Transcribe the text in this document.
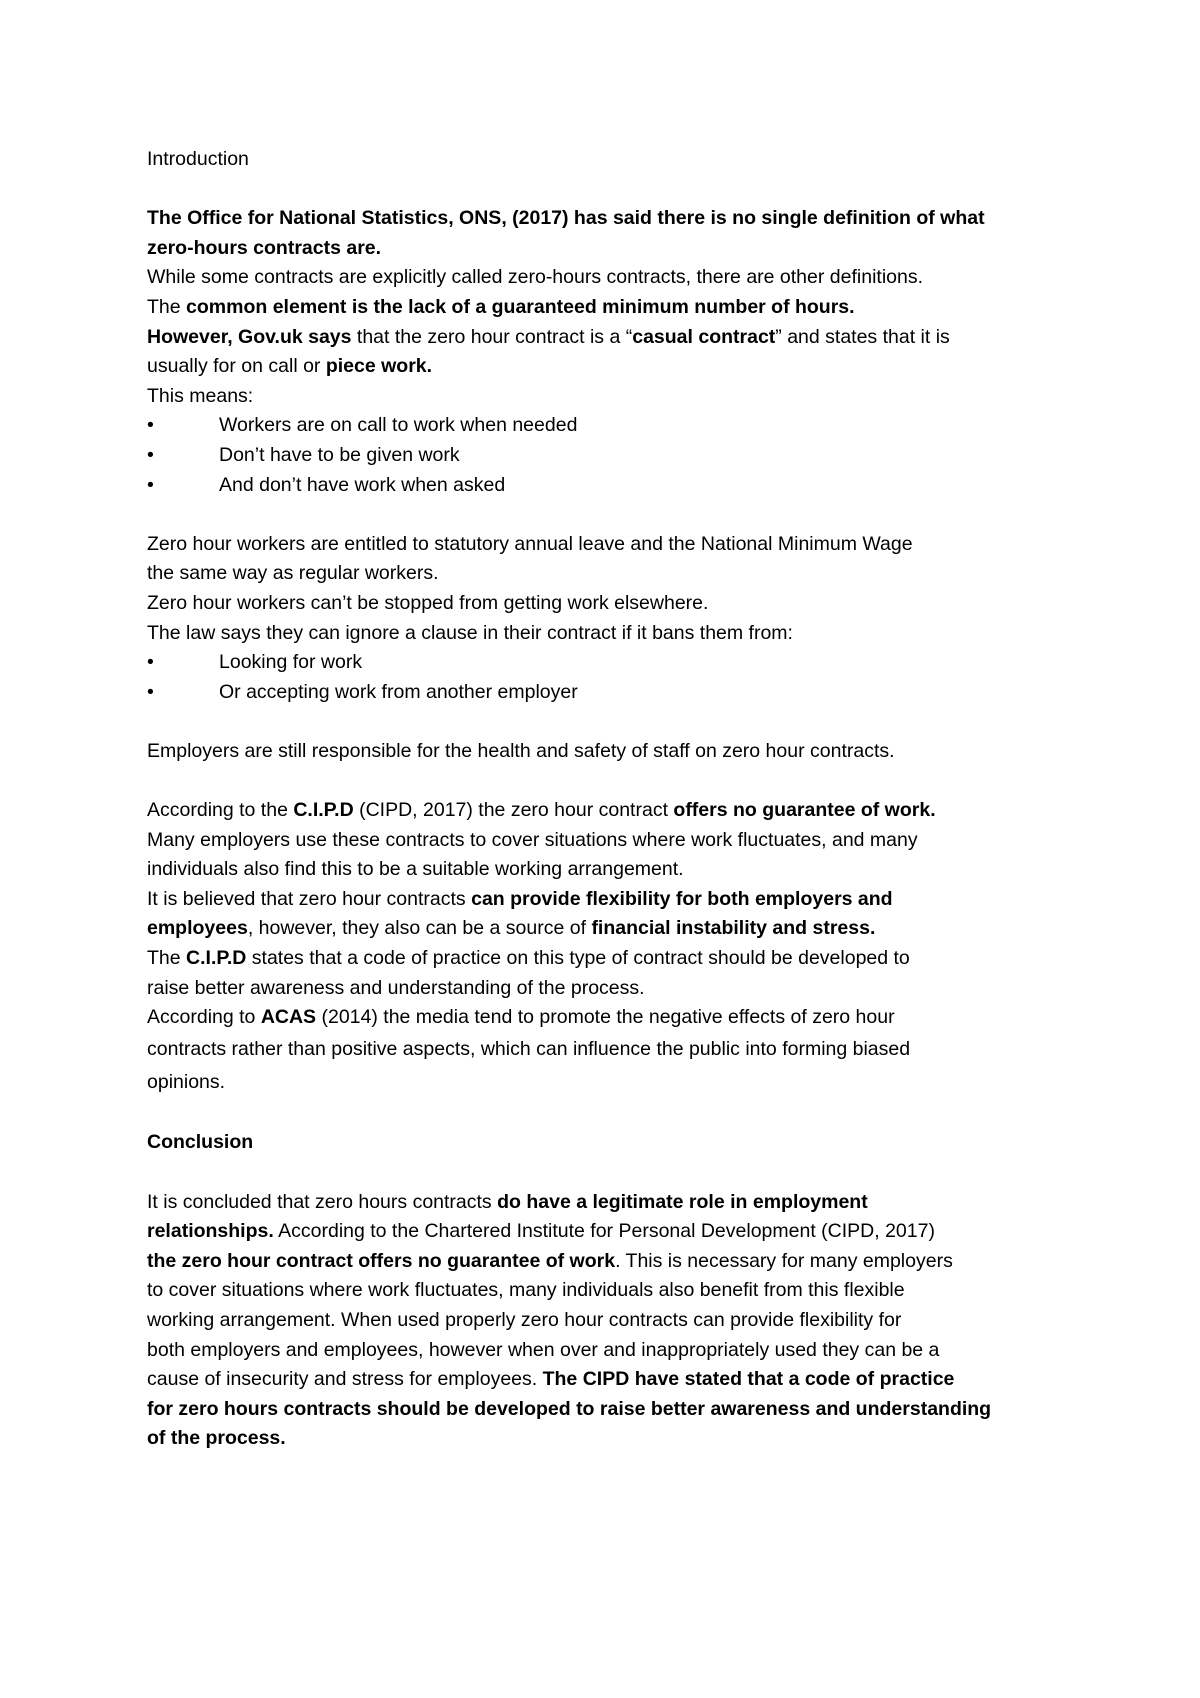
Introduction
The Office for National Statistics, ONS, (2017) has said there is no single definition of what
zero-hours contracts are.
While some contracts are explicitly called zero-hours contracts, there are other definitions.
The common element is the lack of a guaranteed minimum number of hours.
However, Gov.uk says that the zero hour contract is a “casual contract” and states that it is
usually for on call or piece work.
This means:
•	Workers are on call to work when needed
•	Don’t have to be given work
•	And don’t have work when asked
Zero hour workers are entitled to statutory annual leave and the National Minimum Wage
the same way as regular workers.
Zero hour workers can’t be stopped from getting work elsewhere.
The law says they can ignore a clause in their contract if it bans them from:
•	Looking for work
•	Or accepting work from another employer
Employers are still responsible for the health and safety of staff on zero hour contracts.
According to the C.I.P.D (CIPD, 2017) the zero hour contract offers no guarantee of work.
Many employers use these contracts to cover situations where work fluctuates, and many
individuals also find this to be a suitable working arrangement.
It is believed that zero hour contracts can provide flexibility for both employers and
employees, however, they also can be a source of financial instability and stress.
The C.I.P.D states that a code of practice on this type of contract should be developed to
raise better awareness and understanding of the process.
According to ACAS (2014) the media tend to promote the negative effects of zero hour
contracts rather than positive aspects, which can influence the public into forming biased
opinions.
Conclusion
It is concluded that zero hours contracts do have a legitimate role in employment
relationships. According to the Chartered Institute for Personal Development (CIPD, 2017)
the zero hour contract offers no guarantee of work. This is necessary for many employers
to cover situations where work fluctuates, many individuals also benefit from this flexible
working arrangement. When used properly zero hour contracts can provide flexibility for
both employers and employees, however when over and inappropriately used they can be a
cause of insecurity and stress for employees. The CIPD have stated that a code of practice
for zero hours contracts should be developed to raise better awareness and understanding
of the process.
